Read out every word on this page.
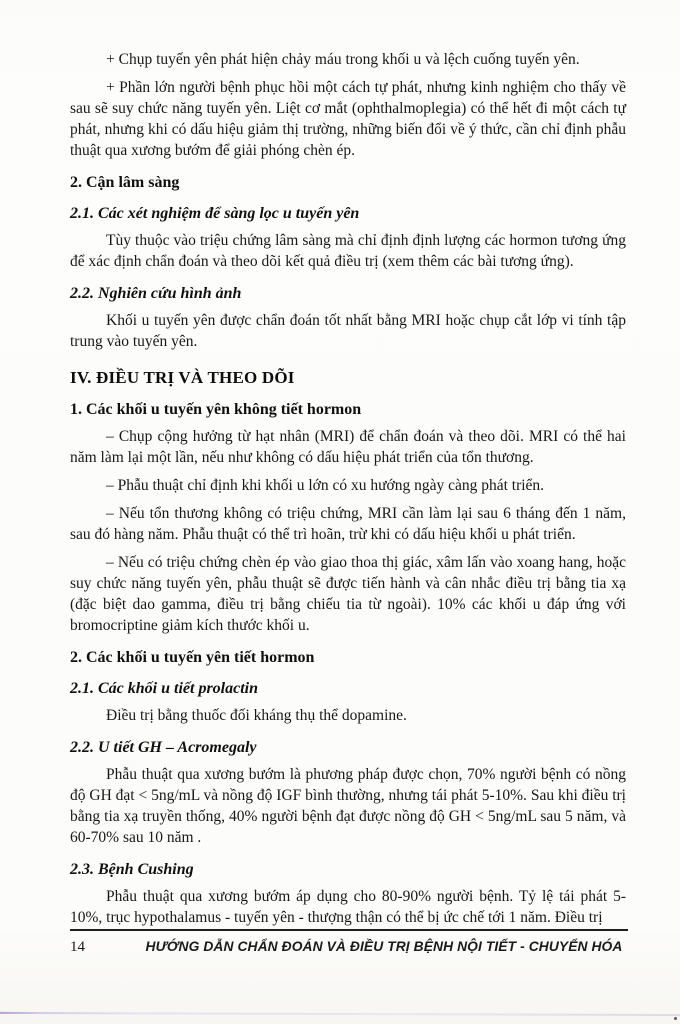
+ Chụp tuyến yên phát hiện chảy máu trong khối u và lệch cuống tuyến yên.

+ Phần lớn người bệnh phục hồi một cách tự phát, nhưng kinh nghiệm cho thấy về sau sẽ suy chức năng tuyến yên. Liệt cơ mắt (ophthalmoplegia) có thể hết đi một cách tự phát, nhưng khi có dấu hiệu giảm thị trường, những biến đổi về ý thức, cần chỉ định phẫu thuật qua xương bướm để giải phóng chèn ép.

2. Cận lâm sàng
2.1. Các xét nghiệm để sàng lọc u tuyến yên

Tùy thuộc vào triệu chứng lâm sàng mà chỉ định định lượng các hormon tương ứng để xác định chẩn đoán và theo dõi kết quả điều trị (xem thêm các bài tương ứng).

2.2. Nghiên cứu hình ảnh

Khối u tuyến yên được chẩn đoán tốt nhất bằng MRI hoặc chụp cắt lớp vi tính tập trung vào tuyến yên.

IV. ĐIỀU TRỊ VÀ THEO DÕI
1. Các khối u tuyến yên không tiết hormon

– Chụp cộng hưởng từ hạt nhân (MRI) để chẩn đoán và theo dõi. MRI có thể hai năm làm lại một lần, nếu như không có dấu hiệu phát triển của tổn thương.

– Phẫu thuật chỉ định khi khối u lớn có xu hướng ngày càng phát triển.

– Nếu tổn thương không có triệu chứng, MRI cần làm lại sau 6 tháng đến 1 năm, sau đó hàng năm. Phẫu thuật có thể trì hoãn, trừ khi có dấu hiệu khối u phát triển.

– Nếu có triệu chứng chèn ép vào giao thoa thị giác, xâm lấn vào xoang hang, hoặc suy chức năng tuyến yên, phẫu thuật sẽ được tiến hành và cân nhắc điều trị bằng tia xạ (đặc biệt dao gamma, điều trị bằng chiếu tia từ ngoài). 10% các khối u đáp ứng với bromocriptine giảm kích thước khối u.

2. Các khối u tuyến yên tiết hormon
2.1. Các khối u tiết prolactin

Điều trị bằng thuốc đối kháng thụ thể dopamine.

2.2. U tiết GH – Acromegaly

Phẫu thuật qua xương bướm là phương pháp được chọn, 70% người bệnh có nồng độ GH đạt < 5ng/mL và nồng độ IGF bình thường, nhưng tái phát 5-10%. Sau khi điều trị bằng tia xạ truyền thống, 40% người bệnh đạt được nồng độ GH < 5ng/mL sau 5 năm, và 60-70% sau 10 năm .

2.3. Bệnh Cushing

Phẫu thuật qua xương bướm áp dụng cho 80-90% người bệnh. Tỷ lệ tái phát 5-10%, trục hypothalamus - tuyến yên - thượng thận có thể bị ức chế tới 1 năm. Điều trị

14	HƯỚNG DẪN CHẨN ĐOÁN VÀ ĐIỀU TRỊ BỆNH NỘI TIẾT - CHUYỂN HÓA
